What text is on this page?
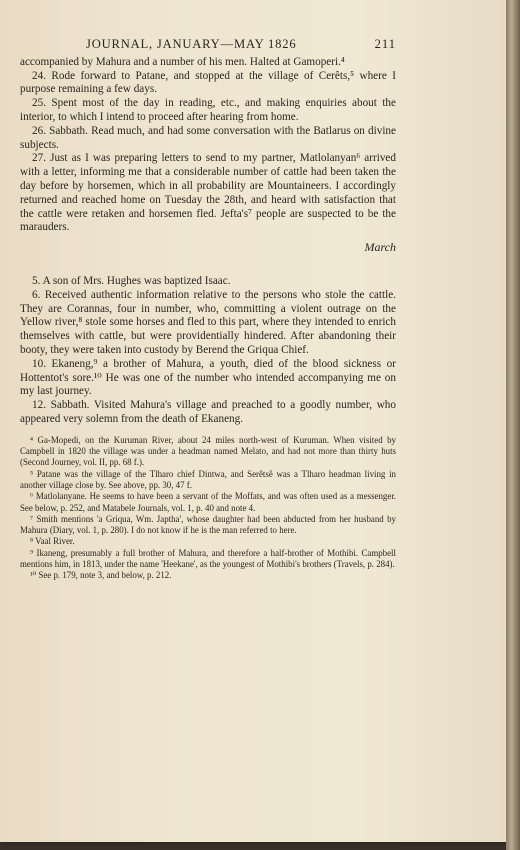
JOURNAL, JANUARY—MAY 1826	211

accompanied by Mahura and a number of his men. Halted at Gamoperi.⁴

24. Rode forward to Patane, and stopped at the village of Cerêts,⁵ where I purpose remaining a few days.

25. Spent most of the day in reading, etc., and making enquiries about the interior, to which I intend to proceed after hearing from home.

26. Sabbath. Read much, and had some conversation with the Batlarus on divine subjects.

27. Just as I was preparing letters to send to my partner, Matlolanyan⁶ arrived with a letter, informing me that a considerable number of cattle had been taken the day before by horsemen, which in all probability are Mountaineers. I accordingly returned and reached home on Tuesday the 28th, and heard with satisfaction that the cattle were retaken and horsemen fled. Jefta's⁷ people are suspected to be the marauders.

March

5. A son of Mrs. Hughes was baptized Isaac.

6. Received authentic information relative to the persons who stole the cattle. They are Corannas, four in number, who, committing a violent outrage on the Yellow river,⁸ stole some horses and fled to this part, where they intended to enrich themselves with cattle, but were providentially hindered. After abandoning their booty, they were taken into custody by Berend the Griqua Chief.

10. Ekaneng,⁹ a brother of Mahura, a youth, died of the blood sickness or Hottentot's sore.¹⁰ He was one of the number who intended accompanying me on my last journey.

12. Sabbath. Visited Mahura's village and preached to a goodly number, who appeared very solemn from the death of Ekaneng.

⁴ Ga-Mopedi, on the Kuruman River, about 24 miles north-west of Kuruman. When visited by Campbell in 1820 the village was under a headman named Melato, and had not more than thirty huts (Second Journey, vol. II, pp. 68 f.).

⁵ Patane was the village of the Tlharo chief Dintwa, and Serêtsê was a Tlharo headman living in another village close by. See above, pp. 30, 47 f.

⁶ Matlolanyane. He seems to have been a servant of the Moffats, and was often used as a messenger. See below, p. 252, and Matabele Journals, vol. 1, p. 40 and note 4.

⁷ Smith mentions 'a Griqua, Wm. Japtha', whose daughter had been abducted from her husband by Mahura (Diary, vol. 1, p. 280). I do not know if he is the man referred to here.

⁸ Vaal River.

⁹ Ikaneng, presumably a full brother of Mahura, and therefore a half-brother of Mothibi. Campbell mentions him, in 1813, under the name 'Heekane', as the youngest of Mothibi's brothers (Travels, p. 284).

¹⁰ See p. 179, note 3, and below, p. 212.
